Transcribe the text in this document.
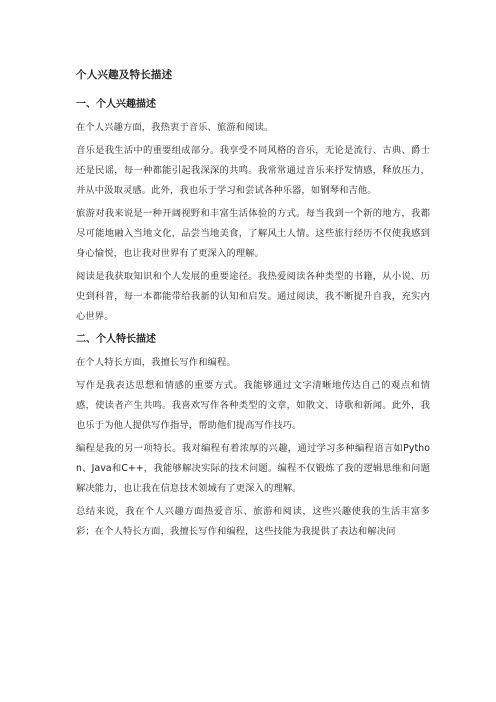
个人兴趣及特长描述
一、个人兴趣描述

在个人兴趣方面，我热衷于音乐、旅游和阅读。

音乐是我生活中的重要组成部分。我享受不同风格的音乐，无论是流行、古典、爵士还是民谣，每一种都能引起我深深的共鸣。我常常通过音乐来抒发情感，释放压力，并从中汲取灵感。此外，我也乐于学习和尝试各种乐器，如钢琴和吉他。

旅游对我来说是一种开阔视野和丰富生活体验的方式。每当我到一个新的地方，我都尽可能地融入当地文化，品尝当地美食，了解风土人情。这些旅行经历不仅使我感到身心愉悦，也让我对世界有了更深入的理解。

阅读是我获取知识和个人发展的重要途径。我热爱阅读各种类型的书籍，从小说、历史到科普，每一本都能带给我新的认知和启发。通过阅读，我不断提升自我，充实内心世界。

二、个人特长描述

在个人特长方面，我擅长写作和编程。

写作是我表达思想和情感的重要方式。我能够通过文字清晰地传达自己的观点和情感，使读者产生共鸣。我喜欢写作各种类型的文章，如散文、诗歌和新闻。此外，我也乐于为他人提供写作指导，帮助他们提高写作技巧。

编程是我的另一项特长。我对编程有着浓厚的兴趣，通过学习多种编程语言如Python、Java和C++，我能够解决实际的技术问题。编程不仅锻炼了我的逻辑思维和问题解决能力，也让我在信息技术领域有了更深入的理解。

总结来说，我在个人兴趣方面热爱音乐、旅游和阅读，这些兴趣使我的生活丰富多彩；在个人特长方面，我擅长写作和编程，这些技能为我提供了表达和解决问
